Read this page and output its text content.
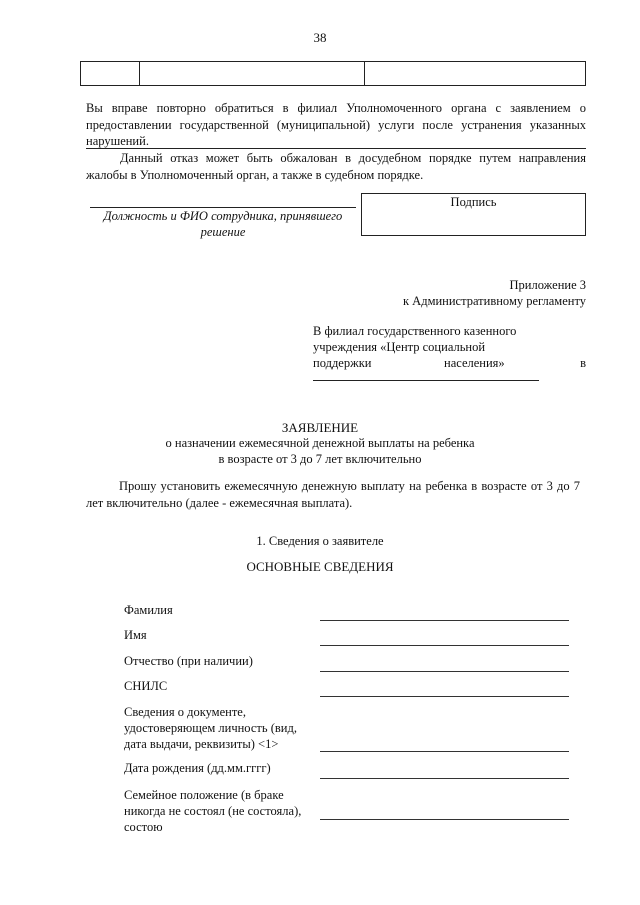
38
Вы вправе повторно обратиться в филиал Уполномоченного органа с заявлением о предоставлении государственной (муниципальной) услуги после устранения указанных нарушений.
Данный отказ может быть обжалован в досудебном порядке путем направления жалобы в Уполномоченный орган, а также в судебном порядке.
Должность и ФИО сотрудника, принявшего
решение
Подпись
Приложение 3
к Административному регламенту
В филиал государственного казенного
учреждения «Центр социальной
поддержки	населения»	в
ЗАЯВЛЕНИЕ
о назначении ежемесячной денежной выплаты на ребенка
в возрасте от 3 до 7 лет включительно
Прошу установить ежемесячную денежную выплату на ребенка в возрасте от 3 до 7 лет включительно (далее - ежемесячная выплата).
1. Сведения о заявителе
ОСНОВНЫЕ СВЕДЕНИЯ
Фамилия
Имя
Отчество (при наличии)
СНИЛС
Сведения о документе, удостоверяющем личность (вид, дата выдачи, реквизиты) <1>
Дата рождения (дд.мм.гггг)
Семейное положение (в браке никогда не состоял (не состояла), состою
